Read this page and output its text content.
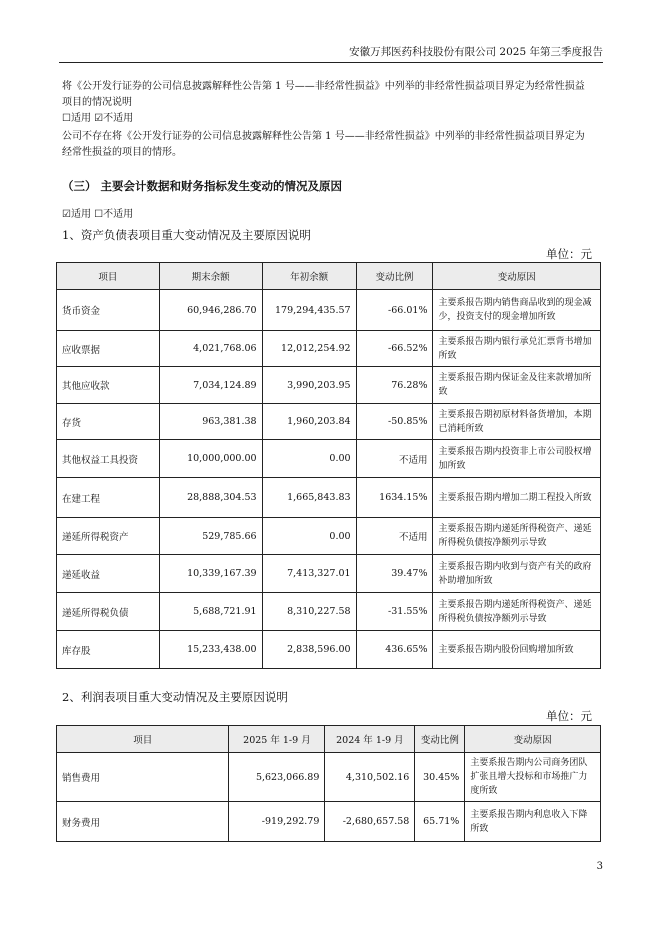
安徽万邦医药科技股份有限公司 2025 年第三季度报告
将《公开发行证券的公司信息披露解释性公告第 1 号——非经常性损益》中列举的非经常性损益项目界定为经常性损益
项目的情况说明
☐适用 ☑不适用
公司不存在将《公开发行证券的公司信息披露解释性公告第 1 号——非经常性损益》中列举的非经常性损益项目界定为
经常性损益的项目的情形。
（三） 主要会计数据和财务指标发生变动的情况及原因
☑适用 ☐不适用
1、资产负债表项目重大变动情况及主要原因说明
单位：元
项目	期末余额	年初余额	变动比例	变动原因
货币资金	60,946,286.70	179,294,435.57	-66.01%	主要系报告期内销售商品收到的现金减少，投资支付的现金增加所致
应收票据	4,021,768.06	12,012,254.92	-66.52%	主要系报告期内银行承兑汇票背书增加所致
其他应收款	7,034,124.89	3,990,203.95	76.28%	主要系报告期内保证金及往来款增加所致
存货	963,381.38	1,960,203.84	-50.85%	主要系报告期初原材料备货增加，本期已消耗所致
其他权益工具投资	10,000,000.00	0.00	不适用	主要系报告期内投资非上市公司股权增加所致
在建工程	28,888,304.53	1,665,843.83	1634.15%	主要系报告期内增加二期工程投入所致
递延所得税资产	529,785.66	0.00	不适用	主要系报告期内递延所得税资产、递延所得税负债按净额列示导致
递延收益	10,339,167.39	7,413,327.01	39.47%	主要系报告期内收到与资产有关的政府补助增加所致
递延所得税负债	5,688,721.91	8,310,227.58	-31.55%	主要系报告期内递延所得税资产、递延所得税负债按净额列示导致
库存股	15,233,438.00	2,838,596.00	436.65%	主要系报告期内股份回购增加所致
2、利润表项目重大变动情况及主要原因说明
单位：元
项目	2025 年 1-9 月	2024 年 1-9 月	变动比例	变动原因
销售费用	5,623,066.89	4,310,502.16	30.45%	主要系报告期内公司商务团队扩张且增大投标和市场推广力度所致
财务费用	-919,292.79	-2,680,657.58	65.71%	主要系报告期内利息收入下降所致
3
